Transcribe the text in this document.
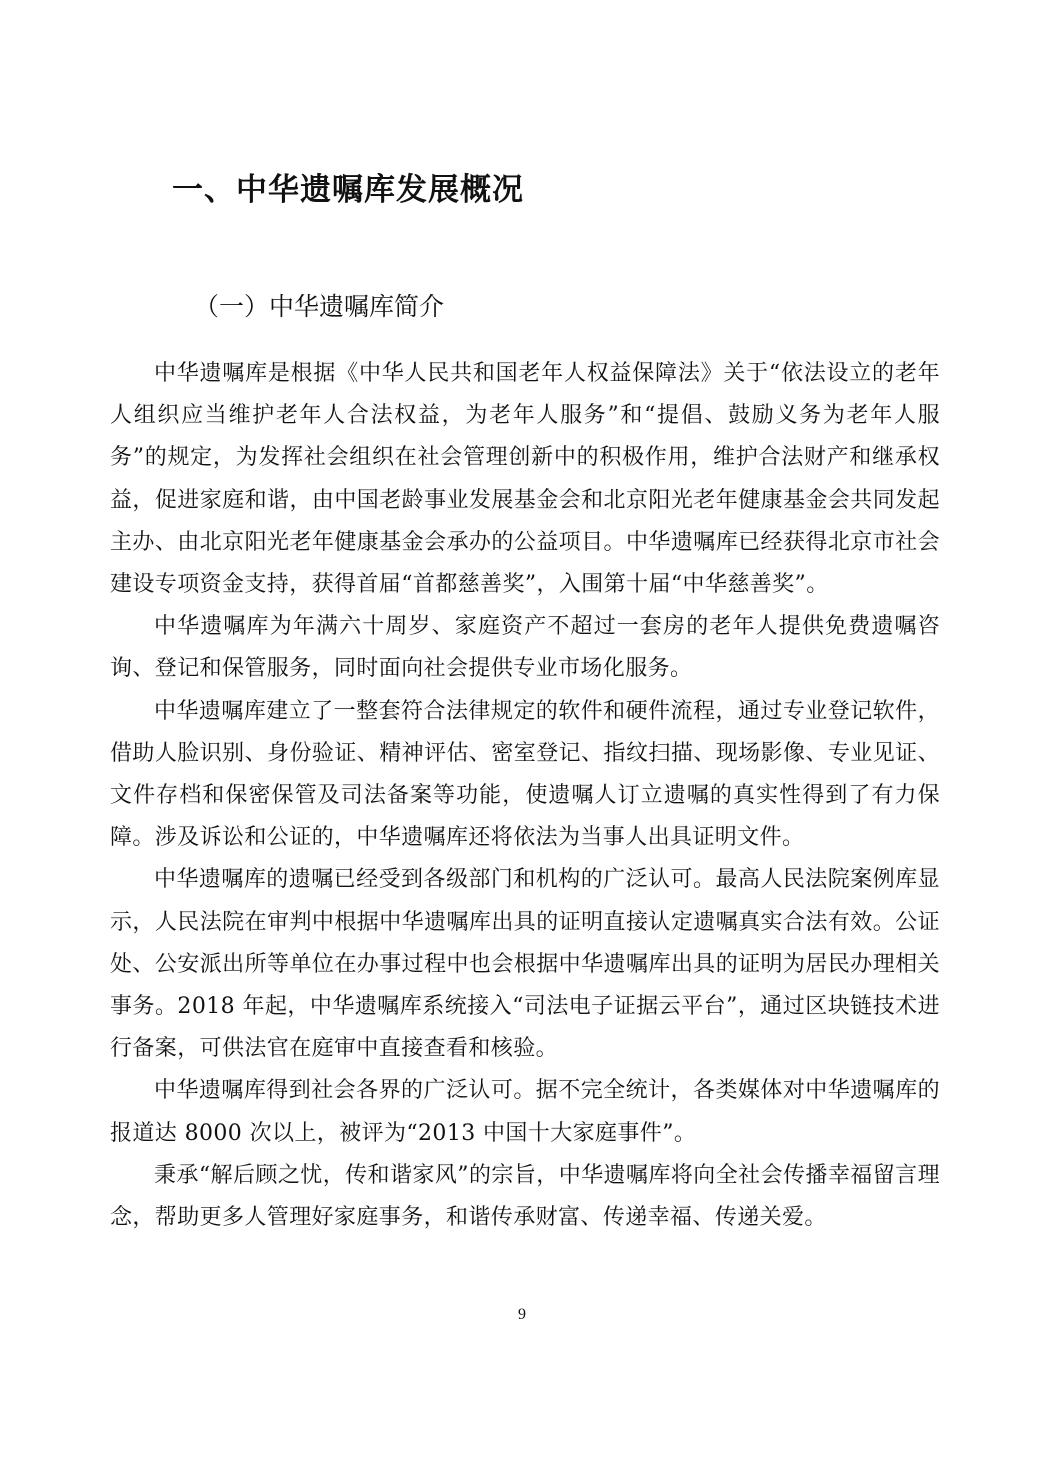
一、中华遗嘱库发展概况
（一）中华遗嘱库简介

中华遗嘱库是根据《中华人民共和国老年人权益保障法》关于“依法设立的老年人组织应当维护老年人合法权益，为老年人服务”和“提倡、鼓励义务为老年人服务”的规定，为发挥社会组织在社会管理创新中的积极作用，维护合法财产和继承权益，促进家庭和谐，由中国老龄事业发展基金会和北京阳光老年健康基金会共同发起主办、由北京阳光老年健康基金会承办的公益项目。中华遗嘱库已经获得北京市社会建设专项资金支持，获得首届“首都慈善奖”，入围第十届“中华慈善奖”。

中华遗嘱库为年满六十周岁、家庭资产不超过一套房的老年人提供免费遗嘱咨询、登记和保管服务，同时面向社会提供专业市场化服务。

中华遗嘱库建立了一整套符合法律规定的软件和硬件流程，通过专业登记软件，借助人脸识别、身份验证、精神评估、密室登记、指纹扫描、现场影像、专业见证、文件存档和保密保管及司法备案等功能，使遗嘱人订立遗嘱的真实性得到了有力保障。涉及诉讼和公证的，中华遗嘱库还将依法为当事人出具证明文件。

中华遗嘱库的遗嘱已经受到各级部门和机构的广泛认可。最高人民法院案例库显示，人民法院在审判中根据中华遗嘱库出具的证明直接认定遗嘱真实合法有效。公证处、公安派出所等单位在办事过程中也会根据中华遗嘱库出具的证明为居民办理相关事务。2018 年起，中华遗嘱库系统接入“司法电子证据云平台”，通过区块链技术进行备案，可供法官在庭审中直接查看和核验。

中华遗嘱库得到社会各界的广泛认可。据不完全统计，各类媒体对中华遗嘱库的报道达 8000 次以上，被评为“2013 中国十大家庭事件”。

秉承“解后顾之忧，传和谐家风”的宗旨，中华遗嘱库将向全社会传播幸福留言理念，帮助更多人管理好家庭事务，和谐传承财富、传递幸福、传递关爱。

9
